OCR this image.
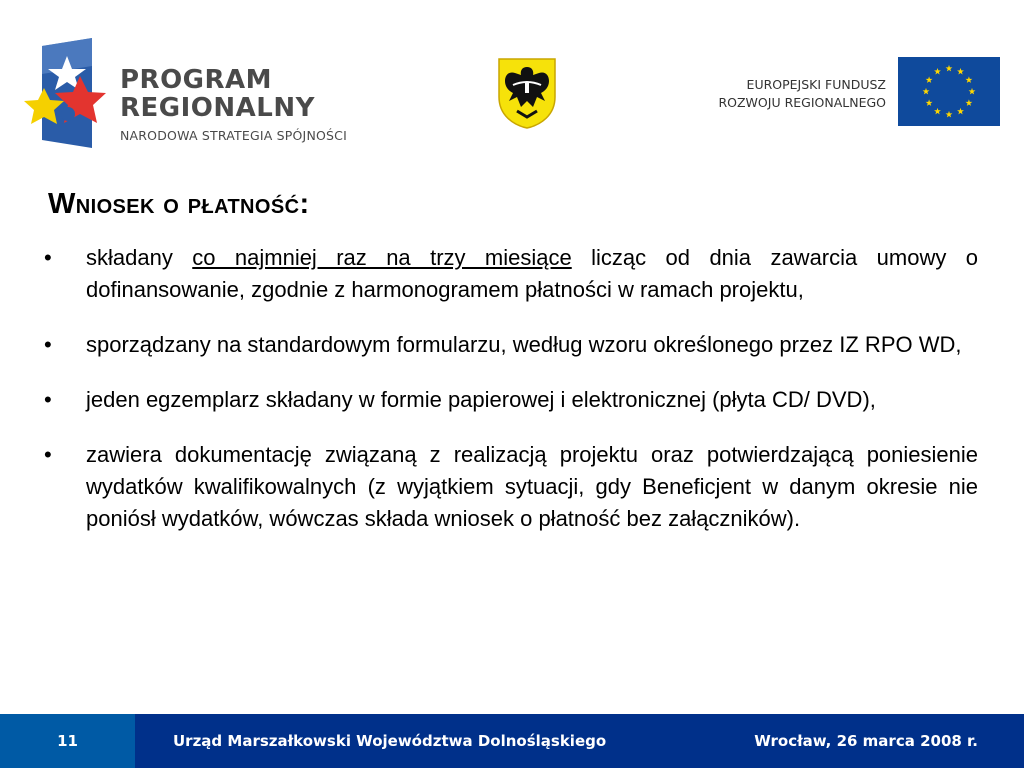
PROGRAM
REGIONALNY
NARODOWA STRATEGIA SPÓJNOŚCI
EUROPEJSKI FUNDUSZ
ROZWOJU REGIONALNEGO
Wniosek o płatność:
• składany co najmniej raz na trzy miesiące licząc od dnia zawarcia umowy o dofinansowanie, zgodnie z harmonogramem płatności w ramach projektu,
• sporządzany na standardowym formularzu, według wzoru określonego przez IZ RPO WD,
• jeden egzemplarz składany w formie papierowej i elektronicznej (płyta CD/ DVD),
• zawiera dokumentację związaną z realizacją projektu oraz potwierdzającą poniesienie wydatków kwalifikowalnych (z wyjątkiem sytuacji, gdy Beneficjent w danym okresie nie poniósł wydatków, wówczas składa wniosek o płatność bez załączników).
11	Urząd Marszałkowski Województwa Dolnośląskiego	Wrocław, 26 marca 2008 r.
